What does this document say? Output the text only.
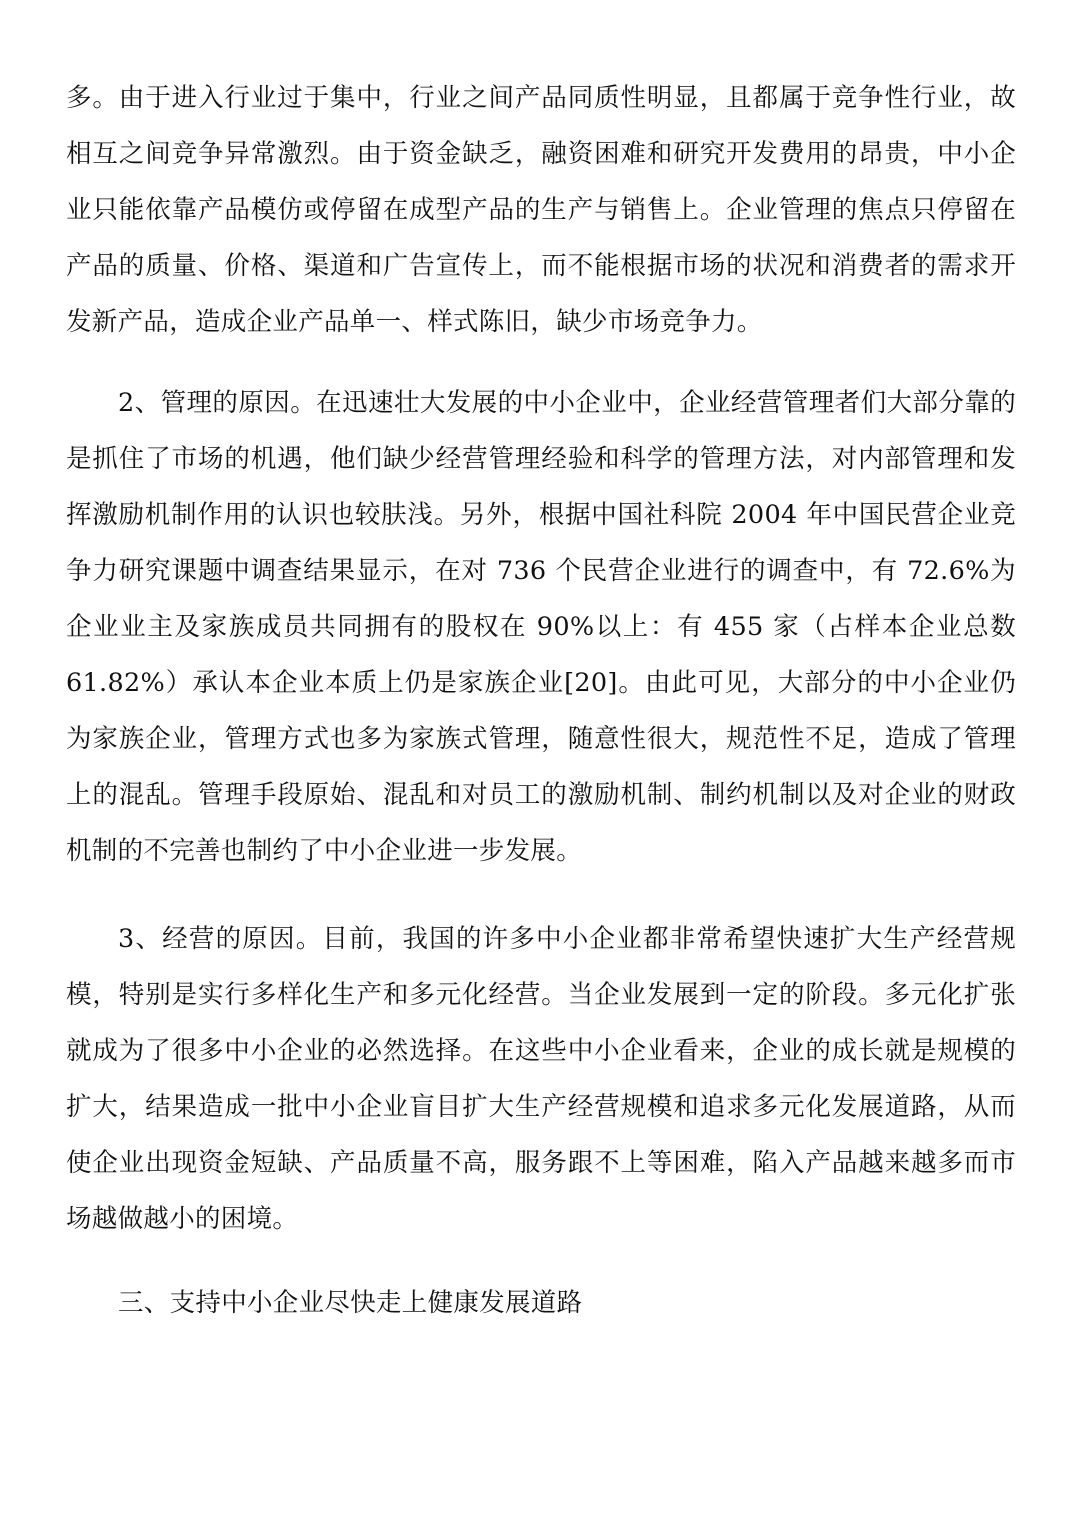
多。由于进入行业过于集中，行业之间产品同质性明显，且都属于竞争性行业，故相互之间竞争异常激烈。由于资金缺乏，融资困难和研究开发费用的昂贵，中小企业只能依靠产品模仿或停留在成型产品的生产与销售上。企业管理的焦点只停留在产品的质量、价格、渠道和广告宣传上，而不能根据市场的状况和消费者的需求开发新产品，造成企业产品单一、样式陈旧，缺少市场竞争力。

2、管理的原因。在迅速壮大发展的中小企业中，企业经营管理者们大部分靠的是抓住了市场的机遇，他们缺少经营管理经验和科学的管理方法，对内部管理和发挥激励机制作用的认识也较肤浅。另外，根据中国社科院 2004 年中国民营企业竞争力研究课题中调查结果显示，在对 736 个民营企业进行的调查中，有 72.6%为企业业主及家族成员共同拥有的股权在 90%以上：有 455 家（占样本企业总数 61.82%）承认本企业本质上仍是家族企业[20]。由此可见，大部分的中小企业仍为家族企业，管理方式也多为家族式管理，随意性很大，规范性不足，造成了管理上的混乱。管理手段原始、混乱和对员工的激励机制、制约机制以及对企业的财政机制的不完善也制约了中小企业进一步发展。

3、经营的原因。目前，我国的许多中小企业都非常希望快速扩大生产经营规模，特别是实行多样化生产和多元化经营。当企业发展到一定的阶段。多元化扩张就成为了很多中小企业的必然选择。在这些中小企业看来，企业的成长就是规模的扩大，结果造成一批中小企业盲目扩大生产经营规模和追求多元化发展道路，从而使企业出现资金短缺、产品质量不高，服务跟不上等困难，陷入产品越来越多而市场越做越小的困境。

三、支持中小企业尽快走上健康发展道路
